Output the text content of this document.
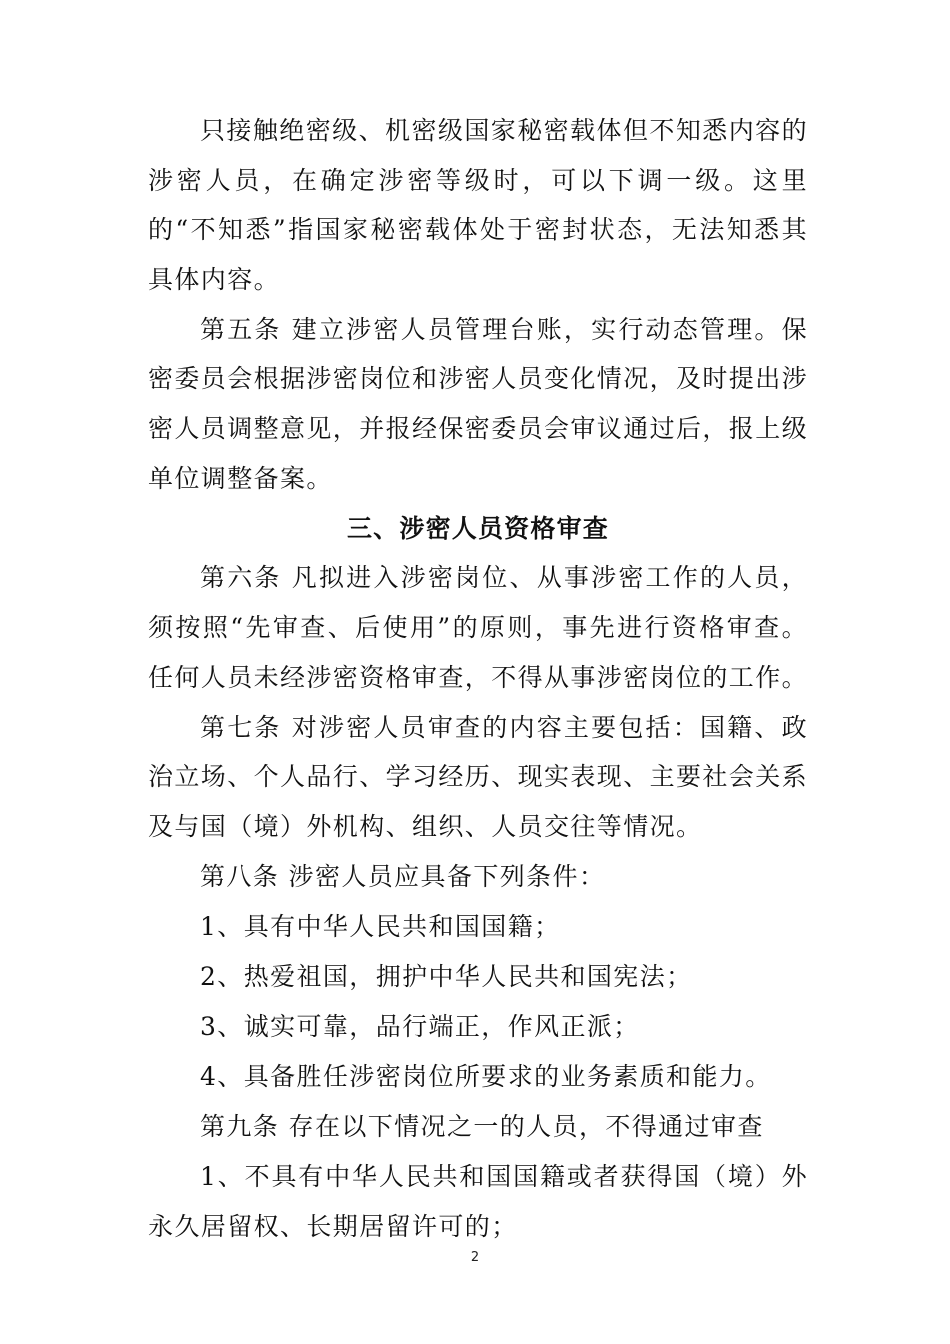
只接触绝密级、机密级国家秘密载体但不知悉内容的涉密人员，在确定涉密等级时，可以下调一级。这里的“不知悉”指国家秘密载体处于密封状态，无法知悉其具体内容。

第五条 建立涉密人员管理台账，实行动态管理。保密委员会根据涉密岗位和涉密人员变化情况，及时提出涉密人员调整意见，并报经保密委员会审议通过后，报上级单位调整备案。

三、涉密人员资格审查

第六条 凡拟进入涉密岗位、从事涉密工作的人员，须按照“先审查、后使用”的原则，事先进行资格审查。任何人员未经涉密资格审查，不得从事涉密岗位的工作。

第七条 对涉密人员审查的内容主要包括：国籍、政治立场、个人品行、学习经历、现实表现、主要社会关系及与国（境）外机构、组织、人员交往等情况。

第八条 涉密人员应具备下列条件：

1、具有中华人民共和国国籍；

2、热爱祖国，拥护中华人民共和国宪法；

3、诚实可靠，品行端正，作风正派；

4、具备胜任涉密岗位所要求的业务素质和能力。

第九条 存在以下情况之一的人员，不得通过审查

1、不具有中华人民共和国国籍或者获得国（境）外永久居留权、长期居留许可的；

2
